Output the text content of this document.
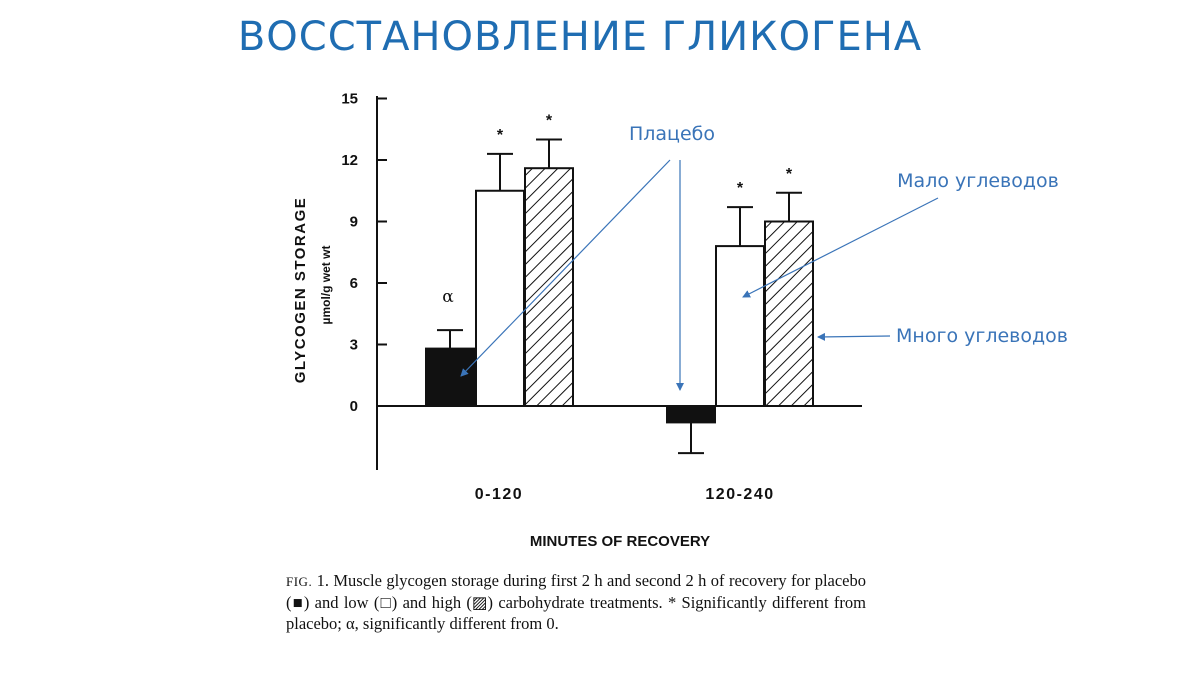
ВОССТАНОВЛЕНИЕ ГЛИКОГЕНА
15
12
9
6
3
0
GLYCOGEN STORAGE µmol/g wet wt	α
*
*
*
*
0-120	120-240
MINUTES OF RECOVERY
Плацебо
Мало углеводов
Много углеводов
FIG. 1. Muscle glycogen storage during first 2 h and second 2 h of recovery for placebo (■) and low (□) and high (▨) carbohydrate treatments. * Significantly different from placebo; α, significantly different from 0.
